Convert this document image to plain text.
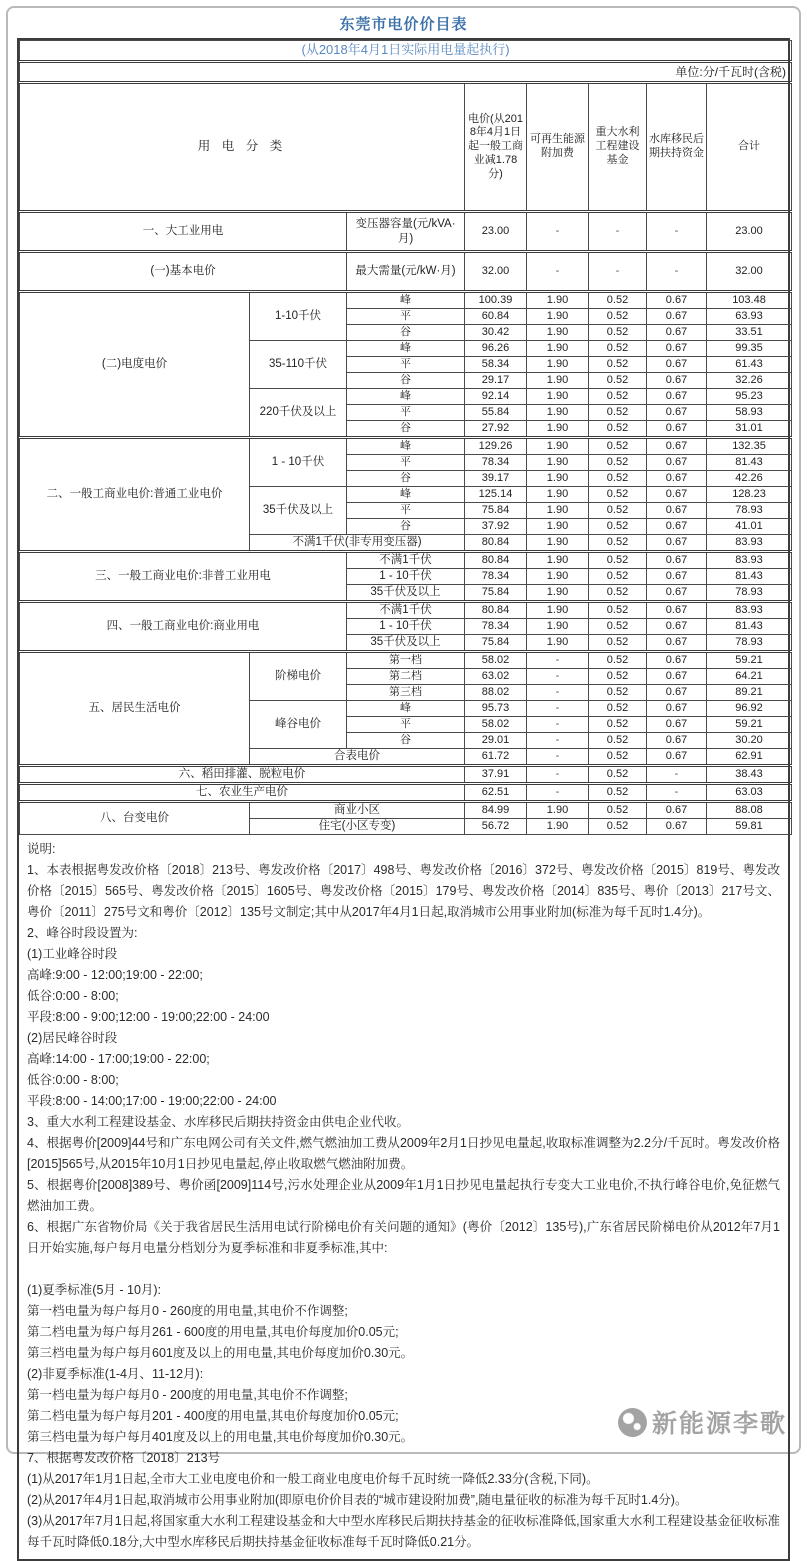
东莞市电价价目表
(从2018年4月1日实际用电量起执行)							
单位:分/千瓦时(含税)							
用 电 分 类			电价(从2018年4月1日起一般工商业减1.78分)	可再生能源附加费	重大水利工程建设基金	水库移民后期扶持资金	合计
一、大工业用电		变压器容量(元/kVA·月)	23.00	-	-	-	23.00
(一)基本电价		最大需量(元/kW·月)	32.00	-	-	-	32.00
(二)电度电价	1-10千伏	峰	100.39	1.90	0.52	0.67	103.48
		平	60.84	1.90	0.52	0.67	63.93
		谷	30.42	1.90	0.52	0.67	33.51
	35-110千伏	峰	96.26	1.90	0.52	0.67	99.35
		平	58.34	1.90	0.52	0.67	61.43
		谷	29.17	1.90	0.52	0.67	32.26
	220千伏及以上	峰	92.14	1.90	0.52	0.67	95.23
		平	55.84	1.90	0.52	0.67	58.93
		谷	27.92	1.90	0.52	0.67	31.01
二、一般工商业电价:普通工业电价	1 - 10千伏	峰	129.26	1.90	0.52	0.67	132.35
		平	78.34	1.90	0.52	0.67	81.43
		谷	39.17	1.90	0.52	0.67	42.26
	35千伏及以上	峰	125.14	1.90	0.52	0.67	128.23
		平	75.84	1.90	0.52	0.67	78.93
		谷	37.92	1.90	0.52	0.67	41.01
	不满1千伏(非专用变压器)		80.84	1.90	0.52	0.67	83.93
三、一般工商业电价:非普工业用电		不满1千伏	80.84	1.90	0.52	0.67	83.93
		1 - 10千伏	78.34	1.90	0.52	0.67	81.43
		35千伏及以上	75.84	1.90	0.52	0.67	78.93
四、一般工商业电价:商业用电		不满1千伏	80.84	1.90	0.52	0.67	83.93
		1 - 10千伏	78.34	1.90	0.52	0.67	81.43
		35千伏及以上	75.84	1.90	0.52	0.67	78.93
五、居民生活电价	阶梯电价	第一档	58.02	-	0.52	0.67	59.21
		第二档	63.02	-	0.52	0.67	64.21
		第三档	88.02	-	0.52	0.67	89.21
	峰谷电价	峰	95.73	-	0.52	0.67	96.92
		平	58.02	-	0.52	0.67	59.21
		谷	29.01	-	0.52	0.67	30.20
	合表电价		61.72	-	0.52	0.67	62.91
六、稻田排灌、脱粒电价			37.91	-	0.52	-	38.43
七、农业生产电价			62.51	-	0.52	-	63.03
八、台变电价	商业小区		84.99	1.90	0.52	0.67	88.08
	住宅(小区专变)		56.72	1.90	0.52	0.67	59.81
说明:
1、本表根据粤发改价格〔2018〕213号、粤发改价格〔2017〕498号、粤发改价格〔2016〕372号、粤发改价格〔2015〕819号、粤发改价格〔2015〕565号、粤发改价格〔2015〕1605号、粤发改价格〔2015〕179号、粤发改价格〔2014〕835号、粤价〔2013〕217号文、粤价〔2011〕275号文和粤价〔2012〕135号文制定;其中从2017年4月1日起,取消城市公用事业附加(标准为每千瓦时1.4分)。
2、峰谷时段设置为:
(1)工业峰谷时段
高峰:9:00 - 12:00;19:00 - 22:00;
低谷:0:00 - 8:00;
平段:8:00 - 9:00;12:00 - 19:00;22:00 - 24:00
(2)居民峰谷时段
高峰:14:00 - 17:00;19:00 - 22:00;
低谷:0:00 - 8:00;
平段:8:00 - 14:00;17:00 - 19:00;22:00 - 24:00
3、重大水利工程建设基金、水库移民后期扶持资金由供电企业代收。
4、根据粤价[2009]44号和广东电网公司有关文件,燃气燃油加工费从2009年2月1日抄见电量起,收取标准调整为2.2分/千瓦时。粤发改价格[2015]565号,从2015年10月1日抄见电量起,停止收取燃气燃油附加费。
5、根据粤价[2008]389号、粤价函[2009]114号,污水处理企业从2009年1月1日抄见电量起执行专变大工业电价,不执行峰谷电价,免征燃气燃油加工费。
6、根据广东省物价局《关于我省居民生活用电试行阶梯电价有关问题的通知》(粤价〔2012〕135号),广东省居民阶梯电价从2012年7月1日开始实施,每户每月电量分档划分为夏季标准和非夏季标准,其中:
(1)夏季标准(5月 - 10月):
第一档电量为每户每月0 - 260度的用电量,其电价不作调整;
第二档电量为每户每月261 - 600度的用电量,其电价每度加价0.05元;
第三档电量为每户每月601度及以上的用电量,其电价每度加价0.30元。
(2)非夏季标准(1-4月、11-12月):
第一档电量为每户每月0 - 200度的用电量,其电价不作调整;
第二档电量为每户每月201 - 400度的用电量,其电价每度加价0.05元;
第三档电量为每户每月401度及以上的用电量,其电价每度加价0.30元。
7、根据粤发改价格〔2018〕213号
(1)从2017年1月1日起,全市大工业电度电价和一般工商业电度电价每千瓦时统一降低2.33分(含税,下同)。
(2)从2017年4月1日起,取消城市公用事业附加(即原电价价目表的“城市建设附加费”,随电量征收的标准为每千瓦时1.4分)。
(3)从2017年7月1日起,将国家重大水利工程建设基金和大中型水库移民后期扶持基金的征收标准降低,国家重大水利工程建设基金征收标准每千瓦时降低0.18分,大中型水库移民后期扶持基金征收标准每千瓦时降低0.21分。
新能源李歌
